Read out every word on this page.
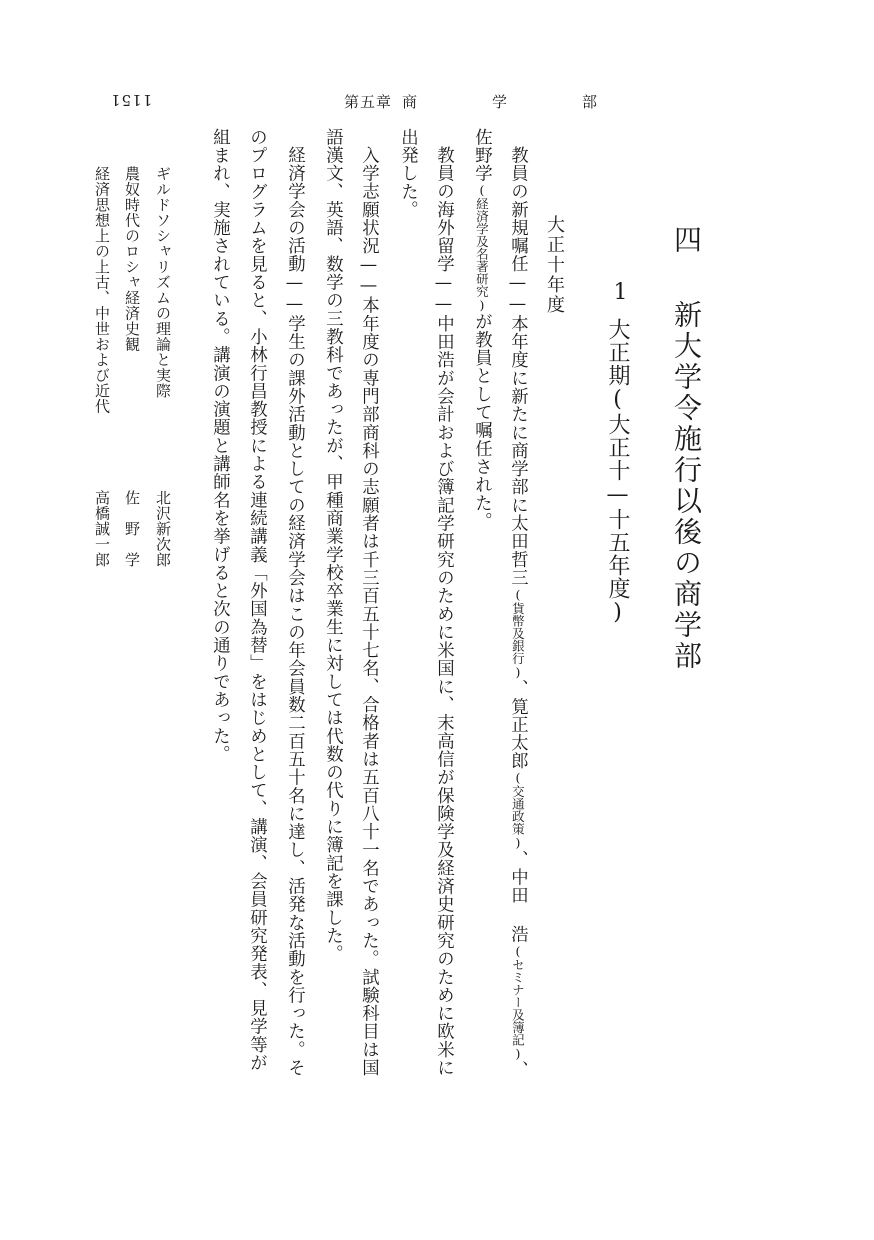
1151	第五章 商　学　部
四
新大学令施行以後の商学部
1
大正期(大正十—十五年度)
大正十年度
教員の新規嘱任——本年度に新たに商学部に太田哲三(貨幣及銀行)、筧正太郎(交通政策)、中田 浩(セミナー及簿記)、
佐野学(経済学及名著研究)が教員として嘱任された。
教員の海外留学——中田浩が会計および簿記学研究のために米国に、末高信が保険学及経済史研究のために欧米に
出発した。
入学志願状況——本年度の専門部商科の志願者は千三百五十七名、合格者は五百八十一名であった。試験科目は国
語漢文、英語、数学の三教科であったが、甲種商業学校卒業生に対しては代数の代りに簿記を課した。
経済学会の活動——学生の課外活動としての経済学会はこの年会員数二百五十名に達し、活発な活動を行った。そ
のプログラムを見ると、小林行昌教授による連続講義「外国為替」をはじめとして、講演、会員研究発表、見学等が
組まれ、実施されている。講演の演題と講師名を挙げると次の通りであった。
ギルドソシャリズムの理論と実際
北沢新次郎
農奴時代のロシャ経済史観
佐　野　学
経済思想上の上古、中世および近代
高橋誠一郎
